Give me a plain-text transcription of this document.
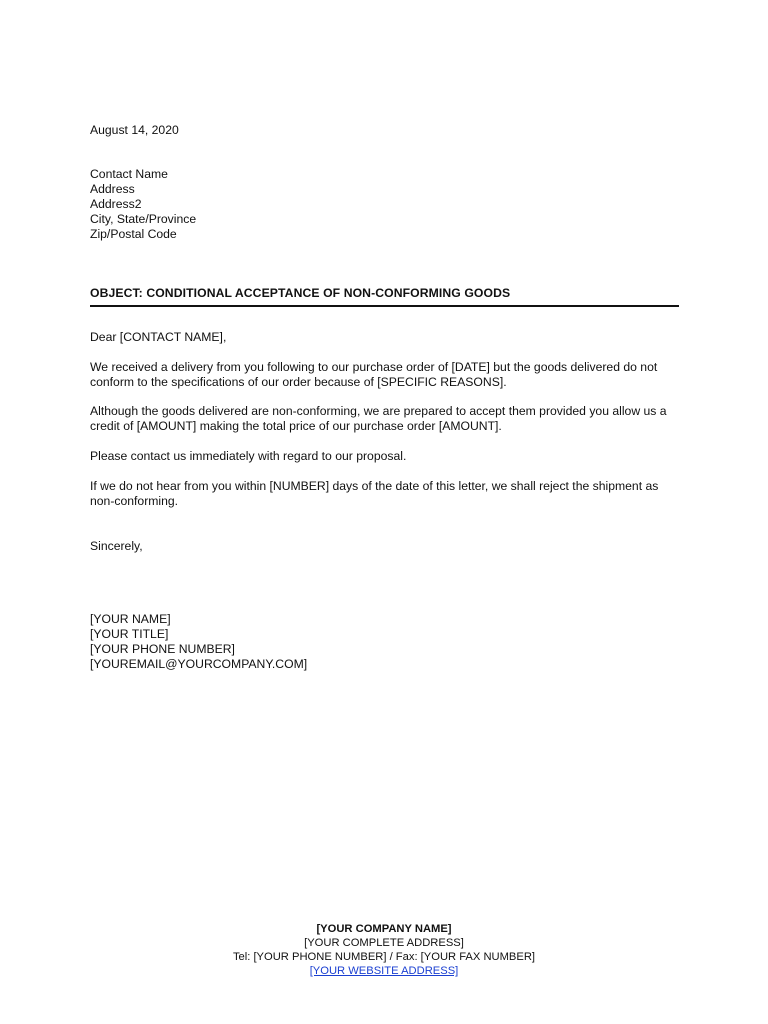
August 14, 2020
Contact Name
Address
Address2
City, State/Province
Zip/Postal Code
OBJECT: CONDITIONAL ACCEPTANCE OF NON-CONFORMING GOODS
Dear [CONTACT NAME],
We received a delivery from you following to our purchase order of [DATE] but the goods delivered do not conform to the specifications of our order because of [SPECIFIC REASONS].
Although the goods delivered are non-conforming, we are prepared to accept them provided you allow us a credit of [AMOUNT] making the total price of our purchase order [AMOUNT].
Please contact us immediately with regard to our proposal.
If we do not hear from you within [NUMBER] days of the date of this letter, we shall reject the shipment as non-conforming.
Sincerely,
[YOUR NAME]
[YOUR TITLE]
[YOUR PHONE NUMBER]
[YOUREMAIL@YOURCOMPANY.COM]
[YOUR COMPANY NAME]
[YOUR COMPLETE ADDRESS]
Tel: [YOUR PHONE NUMBER] / Fax: [YOUR FAX NUMBER]
[YOUR WEBSITE ADDRESS]
